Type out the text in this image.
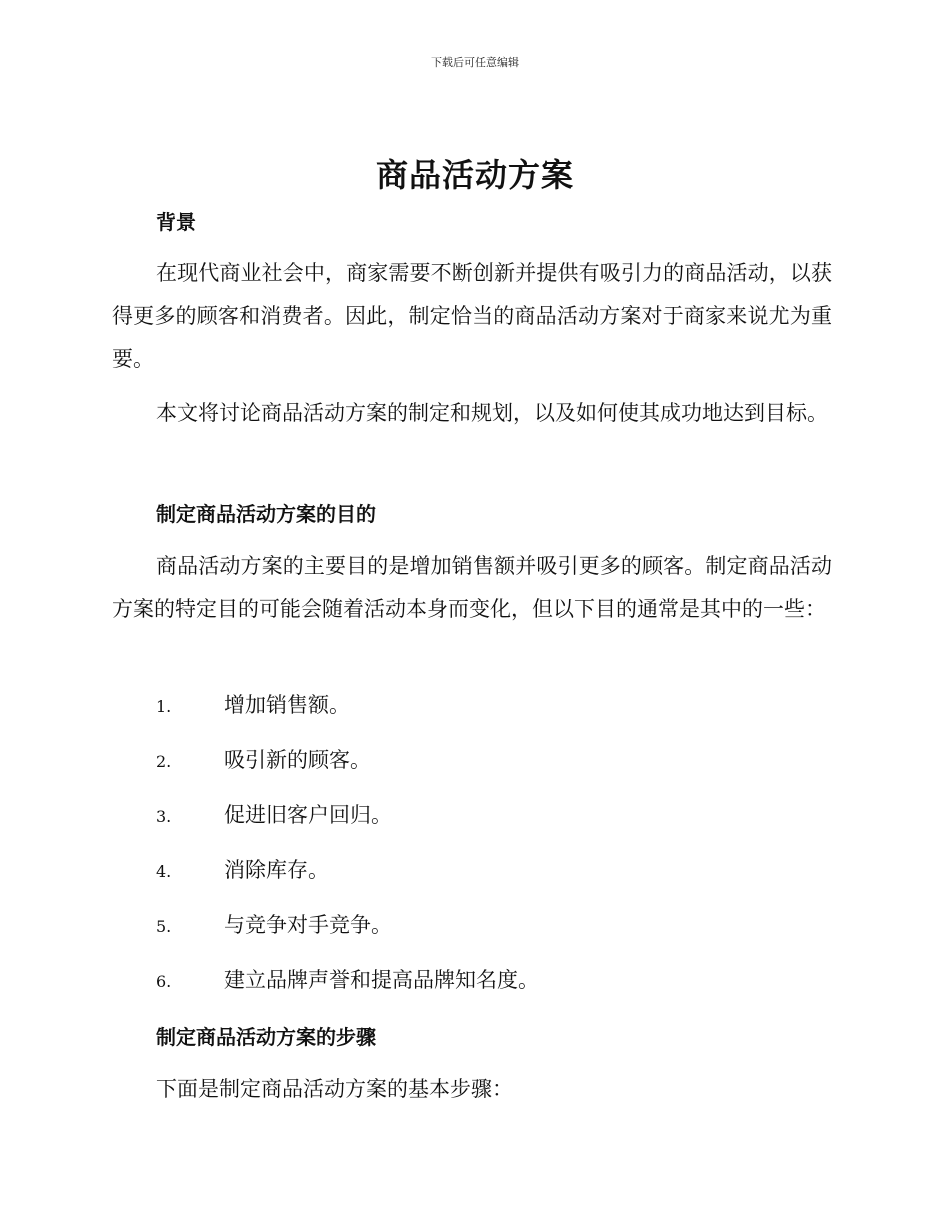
下载后可任意编辑
商品活动方案
背景
在现代商业社会中，商家需要不断创新并提供有吸引力的商品活动，以获得更多的顾客和消费者。因此，制定恰当的商品活动方案对于商家来说尤为重要。
本文将讨论商品活动方案的制定和规划，以及如何使其成功地达到目标。
制定商品活动方案的目的
商品活动方案的主要目的是增加销售额并吸引更多的顾客。制定商品活动方案的特定目的可能会随着活动本身而变化，但以下目的通常是其中的一些：
1.	增加销售额。
2.	吸引新的顾客。
3.	促进旧客户回归。
4.	消除库存。
5.	与竞争对手竞争。
6.	建立品牌声誉和提高品牌知名度。
制定商品活动方案的步骤
下面是制定商品活动方案的基本步骤：
